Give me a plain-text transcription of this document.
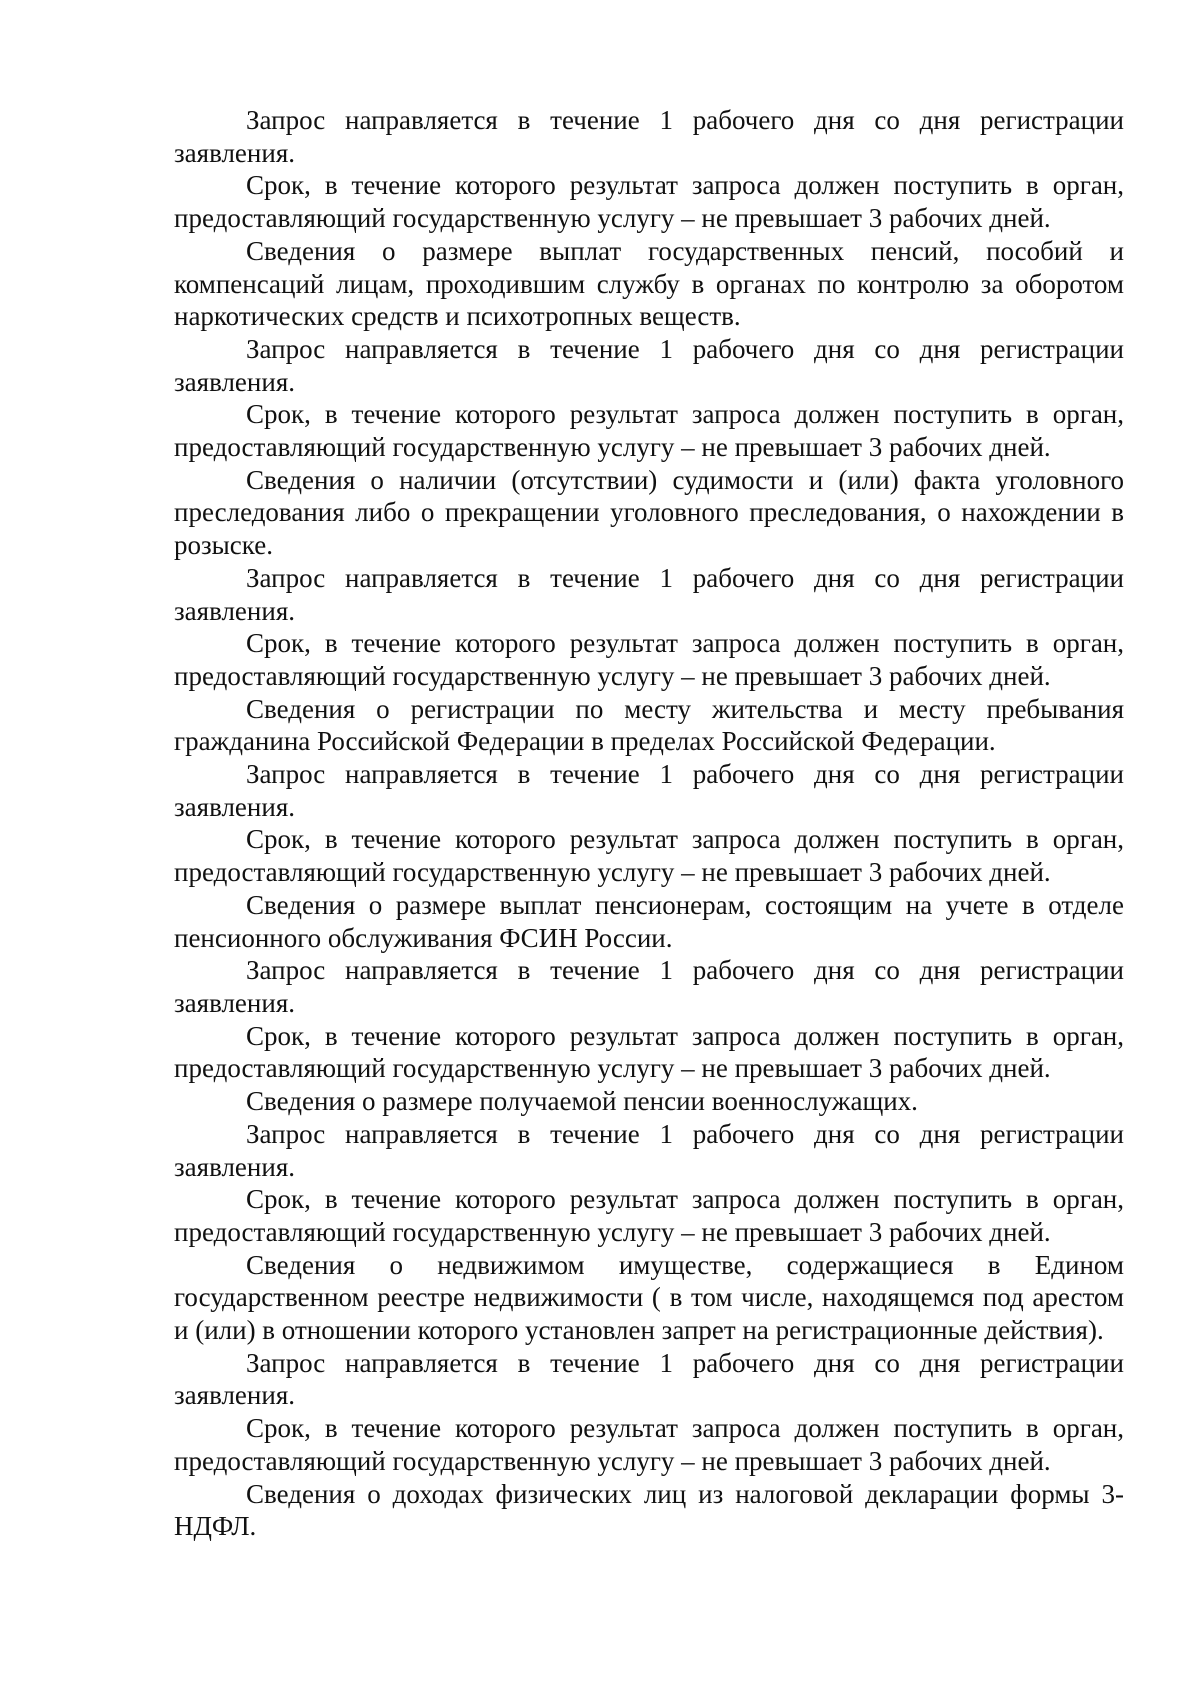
Запрос направляется в течение 1 рабочего дня со дня регистрации заявления.

Срок, в течение которого результат запроса должен поступить в орган, предоставляющий государственную услугу – не превышает 3 рабочих дней.

Сведения о размере выплат государственных пенсий, пособий и компенсаций лицам, проходившим службу в органах по контролю за оборотом наркотических средств и психотропных веществ.

Запрос направляется в течение 1 рабочего дня со дня регистрации заявления.

Срок, в течение которого результат запроса должен поступить в орган, предоставляющий государственную услугу – не превышает 3 рабочих дней.

Сведения о наличии (отсутствии) судимости и (или) факта уголовного преследования либо о прекращении уголовного преследования, о нахождении в розыске.

Запрос направляется в течение 1 рабочего дня со дня регистрации заявления.

Срок, в течение которого результат запроса должен поступить в орган, предоставляющий государственную услугу – не превышает 3 рабочих дней.

Сведения о регистрации по месту жительства и месту пребывания гражданина Российской Федерации в пределах Российской Федерации.

Запрос направляется в течение 1 рабочего дня со дня регистрации заявления.

Срок, в течение которого результат запроса должен поступить в орган, предоставляющий государственную услугу – не превышает 3 рабочих дней.

Сведения о размере выплат пенсионерам, состоящим на учете в отделе пенсионного обслуживания ФСИН России.

Запрос направляется в течение 1 рабочего дня со дня регистрации заявления.

Срок, в течение которого результат запроса должен поступить в орган, предоставляющий государственную услугу – не превышает 3 рабочих дней.

Сведения о размере получаемой пенсии военнослужащих.

Запрос направляется в течение 1 рабочего дня со дня регистрации заявления.

Срок, в течение которого результат запроса должен поступить в орган, предоставляющий государственную услугу – не превышает 3 рабочих дней.

Сведения о недвижимом имуществе, содержащиеся в Едином государственном реестре недвижимости ( в том числе, находящемся под арестом и (или) в отношении которого установлен запрет на регистрационные действия).

Запрос направляется в течение 1 рабочего дня со дня регистрации заявления.

Срок, в течение которого результат запроса должен поступить в орган, предоставляющий государственную услугу – не превышает 3 рабочих дней.

Сведения о доходах физических лиц из налоговой декларации формы 3-НДФЛ.
